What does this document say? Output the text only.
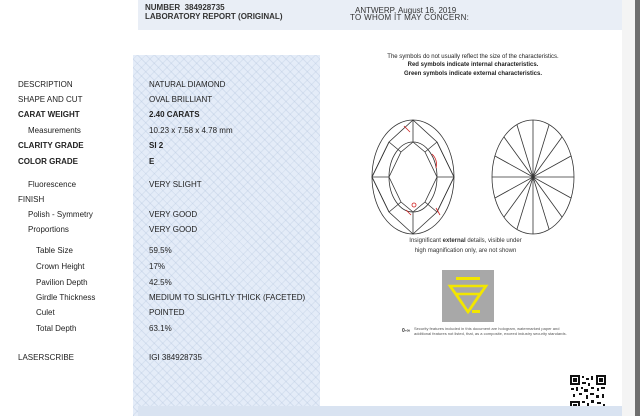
NUMBER 384928735
LABORATORY REPORT (ORIGINAL)
ANTWERP, August 16, 2019
TO WHOM IT MAY CONCERN:
DESCRIPTION	NATURAL DIAMOND
SHAPE AND CUT	OVAL BRILLIANT
CARAT WEIGHT	2.40 CARATS
Measurements	10.23 x 7.58 x 4.78 mm
CLARITY GRADE	SI 2
COLOR GRADE	E
Fluorescence	VERY SLIGHT
FINISH
Polish - Symmetry	VERY GOOD
Proportions	VERY GOOD
Table Size	59.5%
Crown Height	17%
Pavilion Depth	42.5%
Girdle Thickness	MEDIUM TO SLIGHTLY THICK (FACETED)
Culet	POINTED
Total Depth	63.1%
LASERSCRIBE	IGI 384928735
The symbols do not usually reflect the size of the characteristics.
Red symbols indicate internal characteristics.
Green symbols indicate external characteristics.
Insignificant external details, visible under
high magnification only, are not shown
0-∞ Security features included in this document are hologram, watermarked paper and additional features not listed, that, as a composite, exceed industry security standards.
